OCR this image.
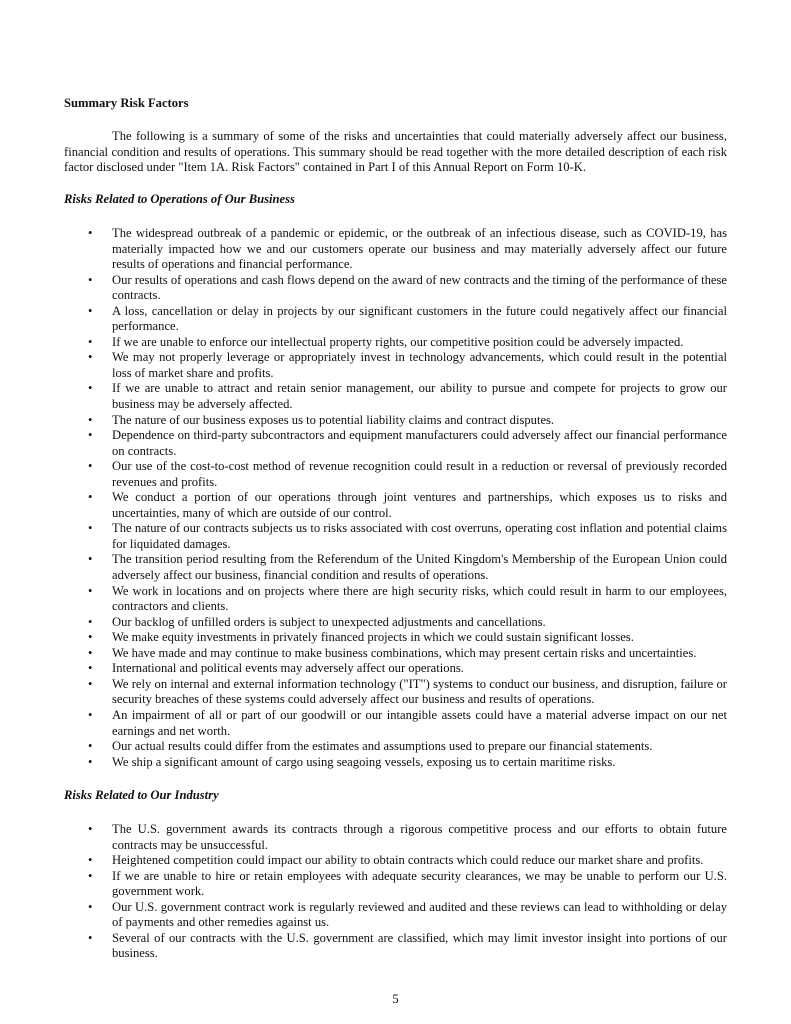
Summary Risk Factors

The following is a summary of some of the risks and uncertainties that could materially adversely affect our business, financial condition and results of operations. This summary should be read together with the more detailed description of each risk factor disclosed under "Item 1A. Risk Factors" contained in Part I of this Annual Report on Form 10-K.

Risks Related to Operations of Our Business
• The widespread outbreak of a pandemic or epidemic, or the outbreak of an infectious disease, such as COVID-19, has materially impacted how we and our customers operate our business and may materially adversely affect our future results of operations and financial performance.
• Our results of operations and cash flows depend on the award of new contracts and the timing of the performance of these contracts.
• A loss, cancellation or delay in projects by our significant customers in the future could negatively affect our financial performance.
• If we are unable to enforce our intellectual property rights, our competitive position could be adversely impacted.
• We may not properly leverage or appropriately invest in technology advancements, which could result in the potential loss of market share and profits.
• If we are unable to attract and retain senior management, our ability to pursue and compete for projects to grow our business may be adversely affected.
• The nature of our business exposes us to potential liability claims and contract disputes.
• Dependence on third-party subcontractors and equipment manufacturers could adversely affect our financial performance on contracts.
• Our use of the cost-to-cost method of revenue recognition could result in a reduction or reversal of previously recorded revenues and profits.
• We conduct a portion of our operations through joint ventures and partnerships, which exposes us to risks and uncertainties, many of which are outside of our control.
• The nature of our contracts subjects us to risks associated with cost overruns, operating cost inflation and potential claims for liquidated damages.
• The transition period resulting from the Referendum of the United Kingdom's Membership of the European Union could adversely affect our business, financial condition and results of operations.
• We work in locations and on projects where there are high security risks, which could result in harm to our employees, contractors and clients.
• Our backlog of unfilled orders is subject to unexpected adjustments and cancellations.
• We make equity investments in privately financed projects in which we could sustain significant losses.
• We have made and may continue to make business combinations, which may present certain risks and uncertainties.
• International and political events may adversely affect our operations.
• We rely on internal and external information technology ("IT") systems to conduct our business, and disruption, failure or security breaches of these systems could adversely affect our business and results of operations.
• An impairment of all or part of our goodwill or our intangible assets could have a material adverse impact on our net earnings and net worth.
• Our actual results could differ from the estimates and assumptions used to prepare our financial statements.
• We ship a significant amount of cargo using seagoing vessels, exposing us to certain maritime risks.
Risks Related to Our Industry
• The U.S. government awards its contracts through a rigorous competitive process and our efforts to obtain future contracts may be unsuccessful.
• Heightened competition could impact our ability to obtain contracts which could reduce our market share and profits.
• If we are unable to hire or retain employees with adequate security clearances, we may be unable to perform our U.S. government work.
• Our U.S. government contract work is regularly reviewed and audited and these reviews can lead to withholding or delay of payments and other remedies against us.
• Several of our contracts with the U.S. government are classified, which may limit investor insight into portions of our business.
5
